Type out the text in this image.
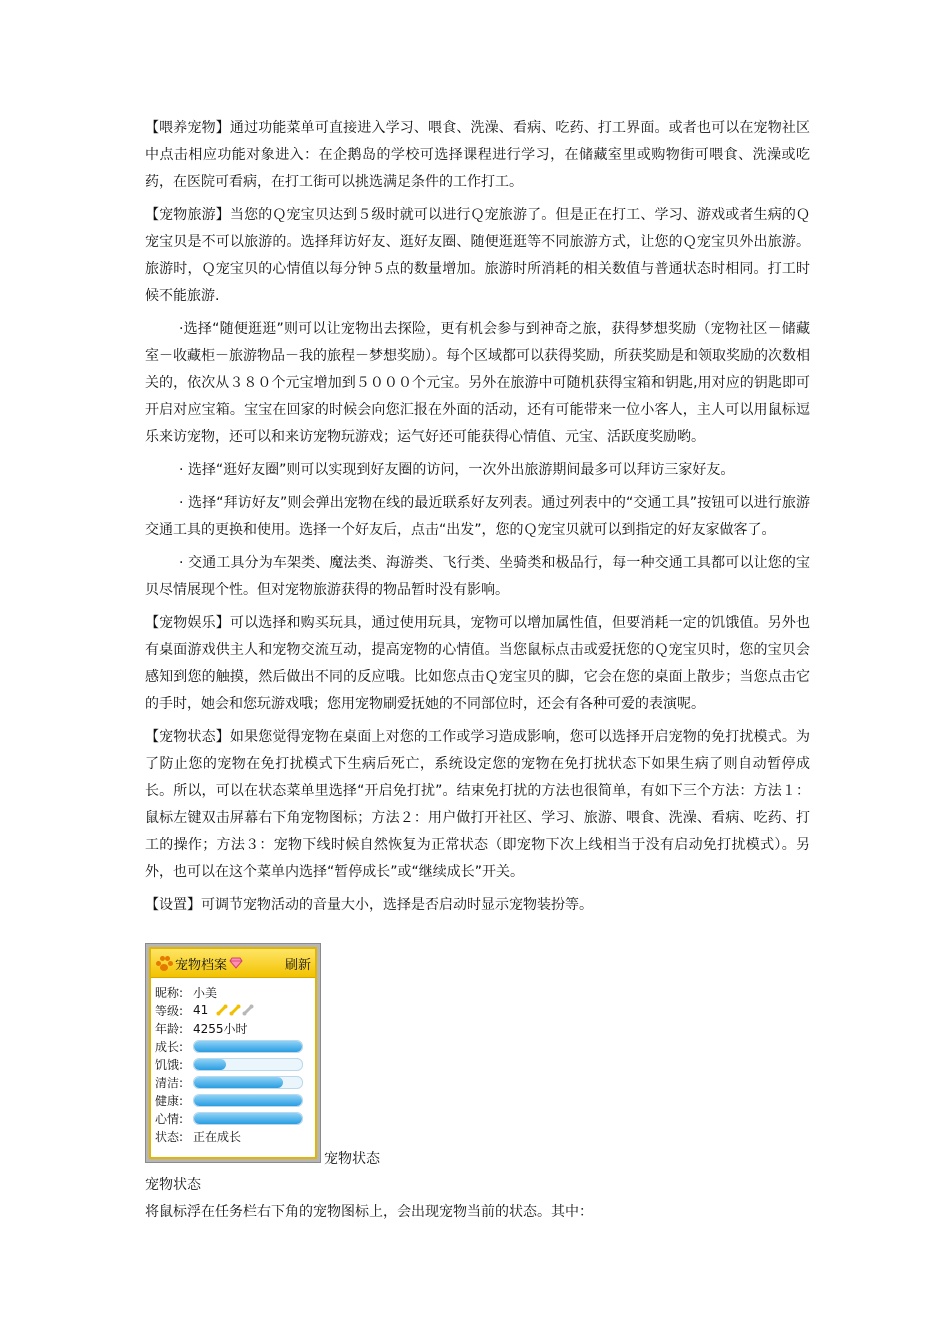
【喂养宠物】通过功能菜单可直接进入学习、喂食、洗澡、看病、吃药、打工界面。或者也可以在宠物社区中点击相应功能对象进入：在企鹅岛的学校可选择课程进行学习，在储藏室里或购物街可喂食、洗澡或吃药，在医院可看病，在打工街可以挑选满足条件的工作打工。

【宠物旅游】当您的Ｑ宠宝贝达到５级时就可以进行Ｑ宠旅游了。但是正在打工、学习、游戏或者生病的Ｑ宠宝贝是不可以旅游的。选择拜访好友、逛好友圈、随便逛逛等不同旅游方式，让您的Ｑ宠宝贝外出旅游。旅游时，Ｑ宠宝贝的心情值以每分钟５点的数量增加。旅游时所消耗的相关数值与普通状态时相同。打工时候不能旅游.

·选择“随便逛逛”则可以让宠物出去探险，更有机会参与到神奇之旅，获得梦想奖励（宠物社区－储藏室－收藏柜－旅游物品－我的旅程－梦想奖励）。每个区域都可以获得奖励，所获奖励是和领取奖励的次数相关的，依次从３８０个元宝增加到５０００个元宝。另外在旅游中可随机获得宝箱和钥匙,用对应的钥匙即可开启对应宝箱。宝宝在回家的时候会向您汇报在外面的活动，还有可能带来一位小客人，主人可以用鼠标逗乐来访宠物，还可以和来访宠物玩游戏；运气好还可能获得心情值、元宝、活跃度奖励哟。

· 选择“逛好友圈”则可以实现到好友圈的访问，一次外出旅游期间最多可以拜访三家好友。

· 选择“拜访好友”则会弹出宠物在线的最近联系好友列表。通过列表中的“交通工具”按钮可以进行旅游交通工具的更换和使用。选择一个好友后，点击“出发”，您的Ｑ宠宝贝就可以到指定的好友家做客了。

· 交通工具分为车架类、魔法类、海游类、飞行类、坐骑类和极品行，每一种交通工具都可以让您的宝贝尽情展现个性。但对宠物旅游获得的物品暂时没有影响。

【宠物娱乐】可以选择和购买玩具，通过使用玩具，宠物可以增加属性值，但要消耗一定的饥饿值。另外也有桌面游戏供主人和宠物交流互动，提高宠物的心情值。当您鼠标点击或爱抚您的Ｑ宠宝贝时，您的宝贝会感知到您的触摸，然后做出不同的反应哦。比如您点击Ｑ宠宝贝的脚，它会在您的桌面上散步；当您点击它的手时，她会和您玩游戏哦；您用宠物刷爱抚她的不同部位时，还会有各种可爱的表演呢。

【宠物状态】如果您觉得宠物在桌面上对您的工作或学习造成影响，您可以选择开启宠物的免打扰模式。为了防止您的宠物在免打扰模式下生病后死亡，系统设定您的宠物在免打扰状态下如果生病了则自动暂停成长。所以，可以在状态菜单里选择“开启免打扰”。结束免打扰的方法也很简单，有如下三个方法：方法１：鼠标左键双击屏幕右下角宠物图标；方法２：用户做打开社区、学习、旅游、喂食、洗澡、看病、吃药、打工的操作；方法３：宠物下线时候自然恢复为正常状态（即宠物下次上线相当于没有启动免打扰模式）。另外，也可以在这个菜单内选择“暂停成长”或“继续成长”开关。

【设置】可调节宠物活动的音量大小，选择是否启动时显示宠物装扮等。

宠物档案	刷新
昵称: 小美
等级: 41
年龄: 4255小时
成长:
饥饿:
清洁:
健康:
心情:
状态: 正在成长
宠物状态

宠物状态

将鼠标浮在任务栏右下角的宠物图标上，会出现宠物当前的状态。其中：
